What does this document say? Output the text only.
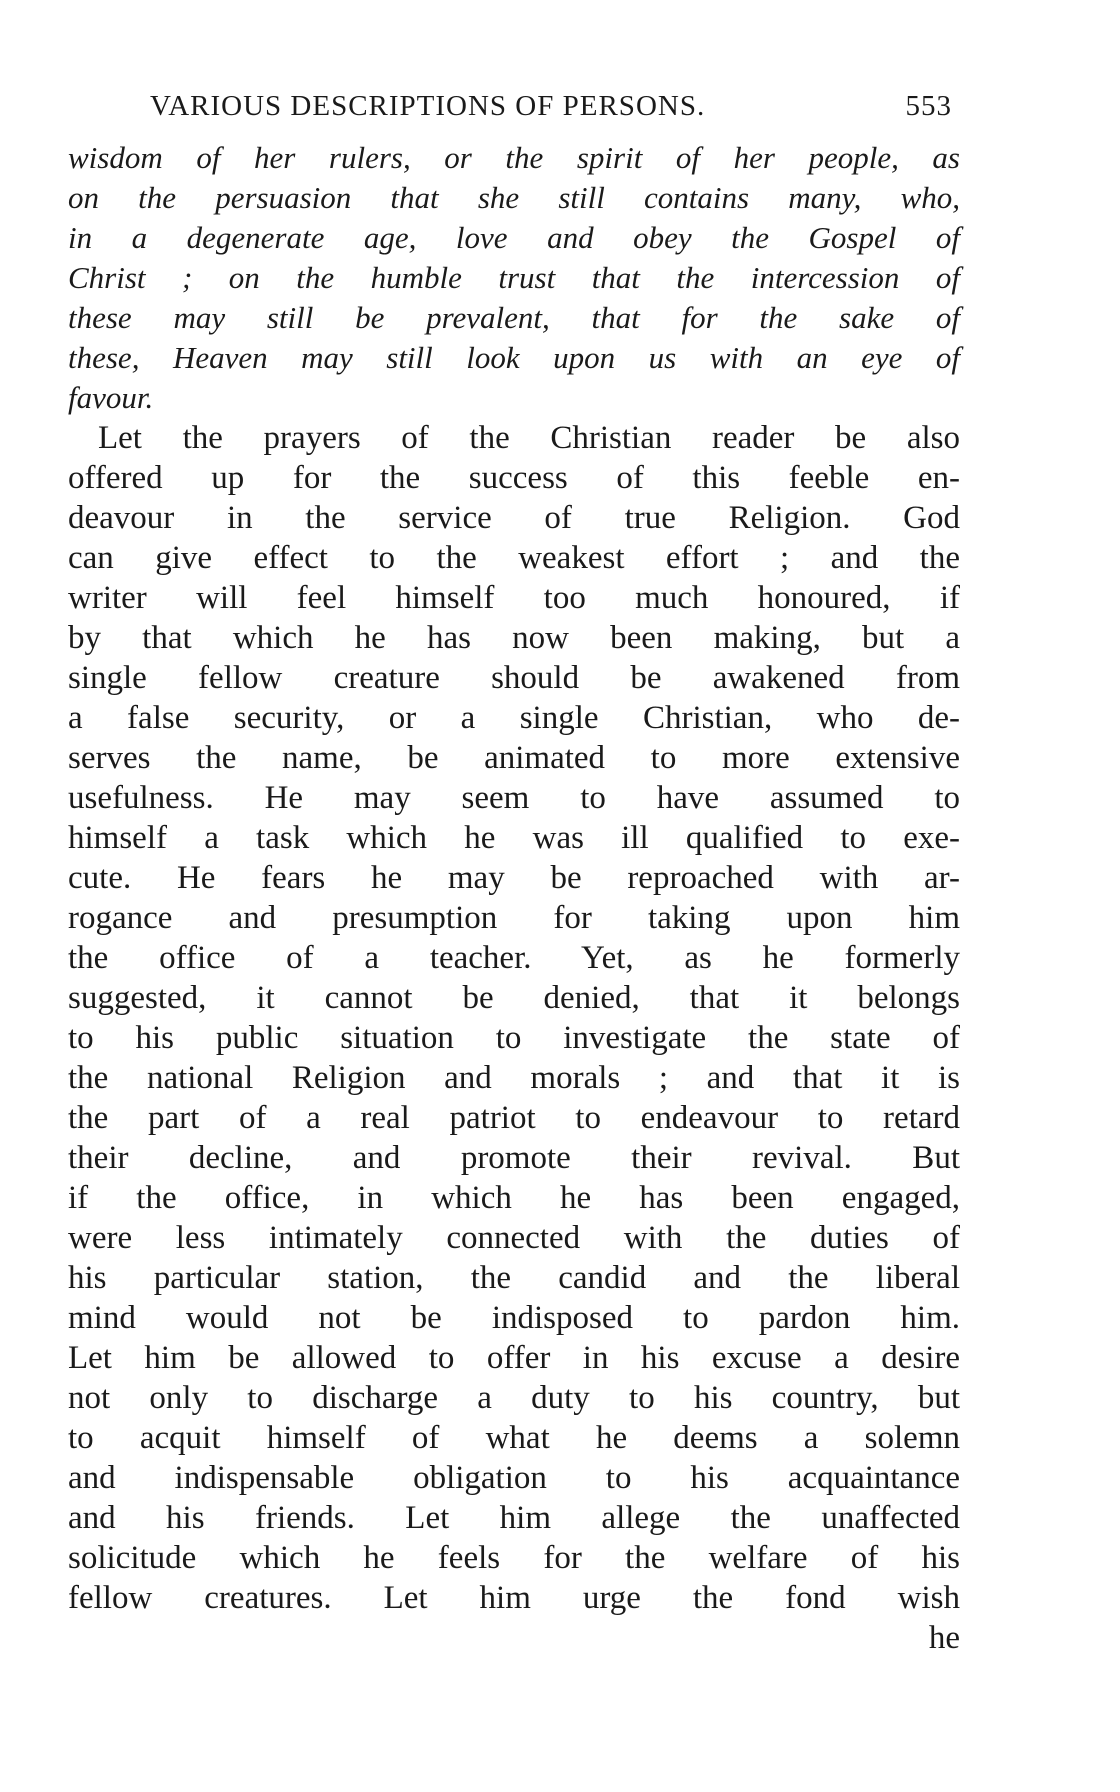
VARIOUS DESCRIPTIONS OF PERSONS.	553
wisdom of her rulers, or the spirit of her people, as
on the persuasion that she still contains many, who,
in a degenerate age, love and obey the Gospel of
Christ ; on the humble trust that the intercession of
these may still be prevalent, that for the sake of
these, Heaven may still look upon us with an eye of
favour.
Let the prayers of the Christian reader be also
offered up for the success of this feeble en-
deavour in the service of true Religion. God
can give effect to the weakest effort ; and the
writer will feel himself too much honoured, if
by that which he has now been making, but a
single fellow creature should be awakened from
a false security, or a single Christian, who de-
serves the name, be animated to more extensive
usefulness. He may seem to have assumed to
himself a task which he was ill qualified to exe-
cute. He fears he may be reproached with ar-
rogance and presumption for taking upon him
the office of a teacher. Yet, as he formerly
suggested, it cannot be denied, that it belongs
to his public situation to investigate the state of
the national Religion and morals ; and that it is
the part of a real patriot to endeavour to retard
their decline, and promote their revival. But
if the office, in which he has been engaged,
were less intimately connected with the duties of
his particular station, the candid and the liberal
mind would not be indisposed to pardon him.
Let him be allowed to offer in his excuse a desire
not only to discharge a duty to his country, but
to acquit himself of what he deems a solemn
and indispensable obligation to his acquaintance
and his friends. Let him allege the unaffected
solicitude which he feels for the welfare of his
fellow creatures. Let him urge the fond wish
he
